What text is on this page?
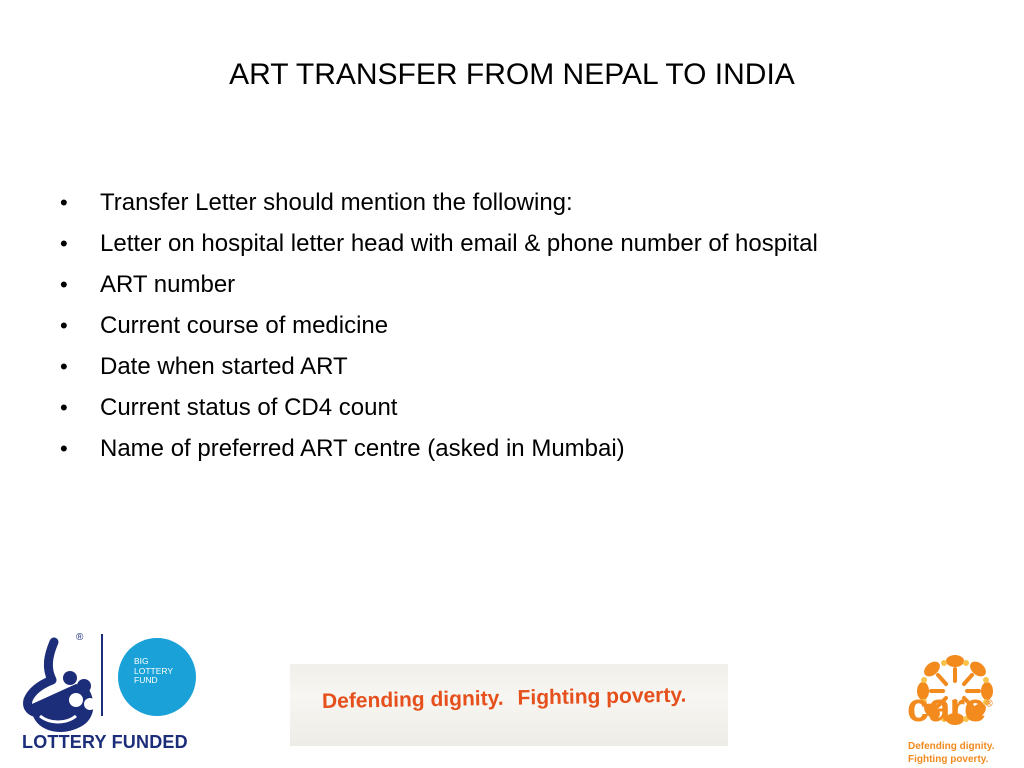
ART TRANSFER FROM NEPAL TO INDIA
•	Transfer Letter should mention the following:
•	Letter on hospital letter head with email & phone number of hospital
•	ART number
•	Current course of medicine
•	Date when started ART
•	Current status of CD4 count
•	Name of preferred ART centre (asked in Mumbai)
®
BIG
LOTTERY
FUND
LOTTERY FUNDED
Defending dignity. Fighting poverty.	care®
Defending dignity.
Fighting poverty.
